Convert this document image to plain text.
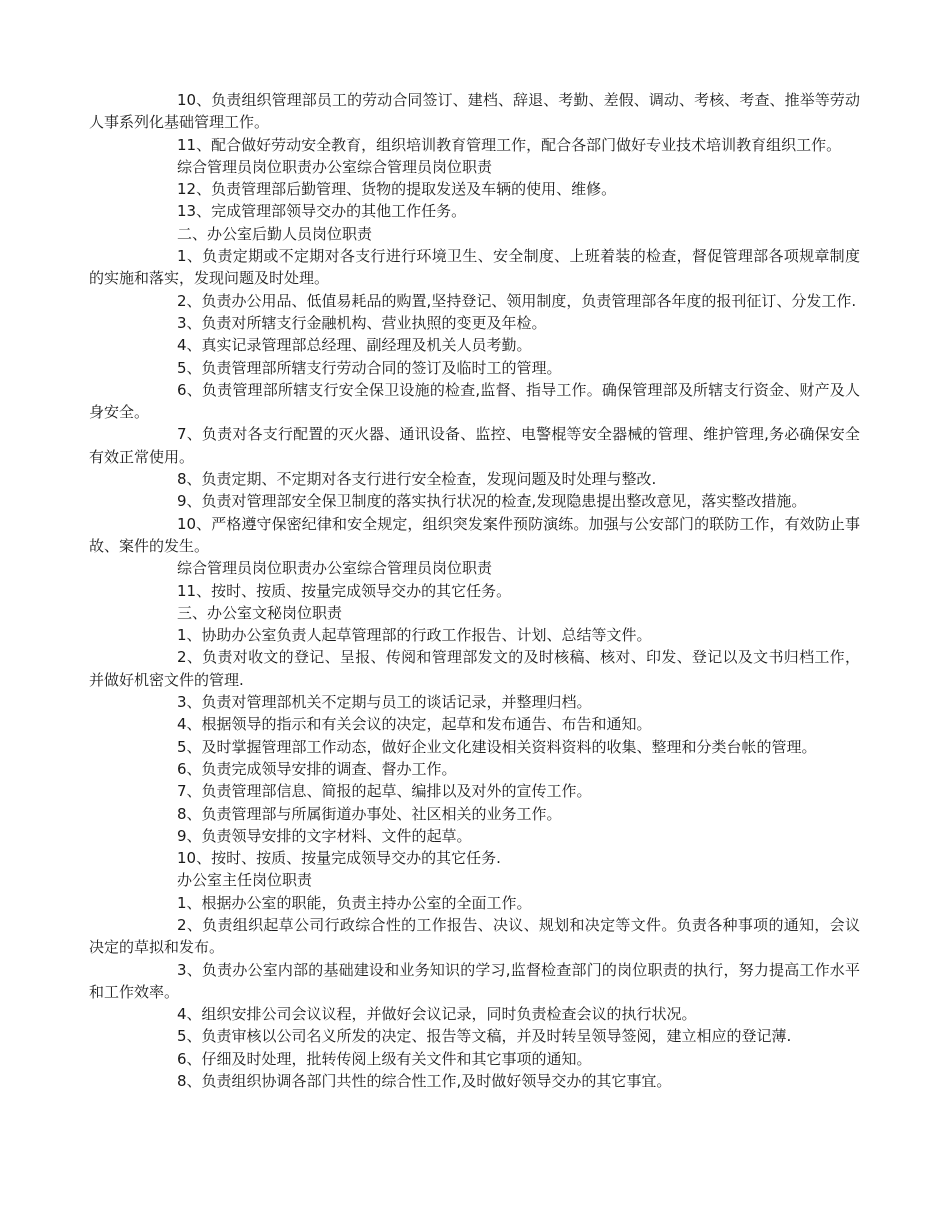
10、负责组织管理部员工的劳动合同签订、建档、辞退、考勤、差假、调动、考核、考查、推举等劳动人事系列化基础管理工作。

11、配合做好劳动安全教育，组织培训教育管理工作，配合各部门做好专业技术培训教育组织工作。

综合管理员岗位职责办公室综合管理员岗位职责

12、负责管理部后勤管理、货物的提取发送及车辆的使用、维修。

13、完成管理部领导交办的其他工作任务。

二、办公室后勤人员岗位职责

1、负责定期或不定期对各支行进行环境卫生、安全制度、上班着装的检查，督促管理部各项规章制度的实施和落实，发现问题及时处理。

2、负责办公用品、低值易耗品的购置,坚持登记、领用制度，负责管理部各年度的报刊征订、分发工作.

3、负责对所辖支行金融机构、营业执照的变更及年检。

4、真实记录管理部总经理、副经理及机关人员考勤。

5、负责管理部所辖支行劳动合同的签订及临时工的管理。

6、负责管理部所辖支行安全保卫设施的检查,监督、指导工作。确保管理部及所辖支行资金、财产及人身安全。

7、负责对各支行配置的灭火器、通讯设备、监控、电警棍等安全器械的管理、维护管理,务必确保安全有效正常使用。

8、负责定期、不定期对各支行进行安全检查，发现问题及时处理与整改.

9、负责对管理部安全保卫制度的落实执行状况的检查,发现隐患提出整改意见，落实整改措施。

10、严格遵守保密纪律和安全规定，组织突发案件预防演练。加强与公安部门的联防工作，有效防止事故、案件的发生。

综合管理员岗位职责办公室综合管理员岗位职责

11、按时、按质、按量完成领导交办的其它任务。

三、办公室文秘岗位职责

1、协助办公室负责人起草管理部的行政工作报告、计划、总结等文件。

2、负责对收文的登记、呈报、传阅和管理部发文的及时核稿、核对、印发、登记以及文书归档工作，并做好机密文件的管理.

3、负责对管理部机关不定期与员工的谈话记录，并整理归档。

4、根据领导的指示和有关会议的决定，起草和发布通告、布告和通知。

5、及时掌握管理部工作动态，做好企业文化建设相关资料资料的收集、整理和分类台帐的管理。

6、负责完成领导安排的调查、督办工作。

7、负责管理部信息、简报的起草、编排以及对外的宣传工作。

8、负责管理部与所属街道办事处、社区相关的业务工作。

9、负责领导安排的文字材料、文件的起草。

10、按时、按质、按量完成领导交办的其它任务.

办公室主任岗位职责

1、根据办公室的职能，负责主持办公室的全面工作。

2、负责组织起草公司行政综合性的工作报告、决议、规划和决定等文件。负责各种事项的通知，会议决定的草拟和发布。

3、负责办公室内部的基础建设和业务知识的学习,监督检查部门的岗位职责的执行，努力提高工作水平和工作效率。

4、组织安排公司会议议程，并做好会议记录，同时负责检查会议的执行状况。

5、负责审核以公司名义所发的决定、报告等文稿，并及时转呈领导签阅，建立相应的登记薄.

6、仔细及时处理，批转传阅上级有关文件和其它事项的通知。

8、负责组织协调各部门共性的综合性工作,及时做好领导交办的其它事宜。
